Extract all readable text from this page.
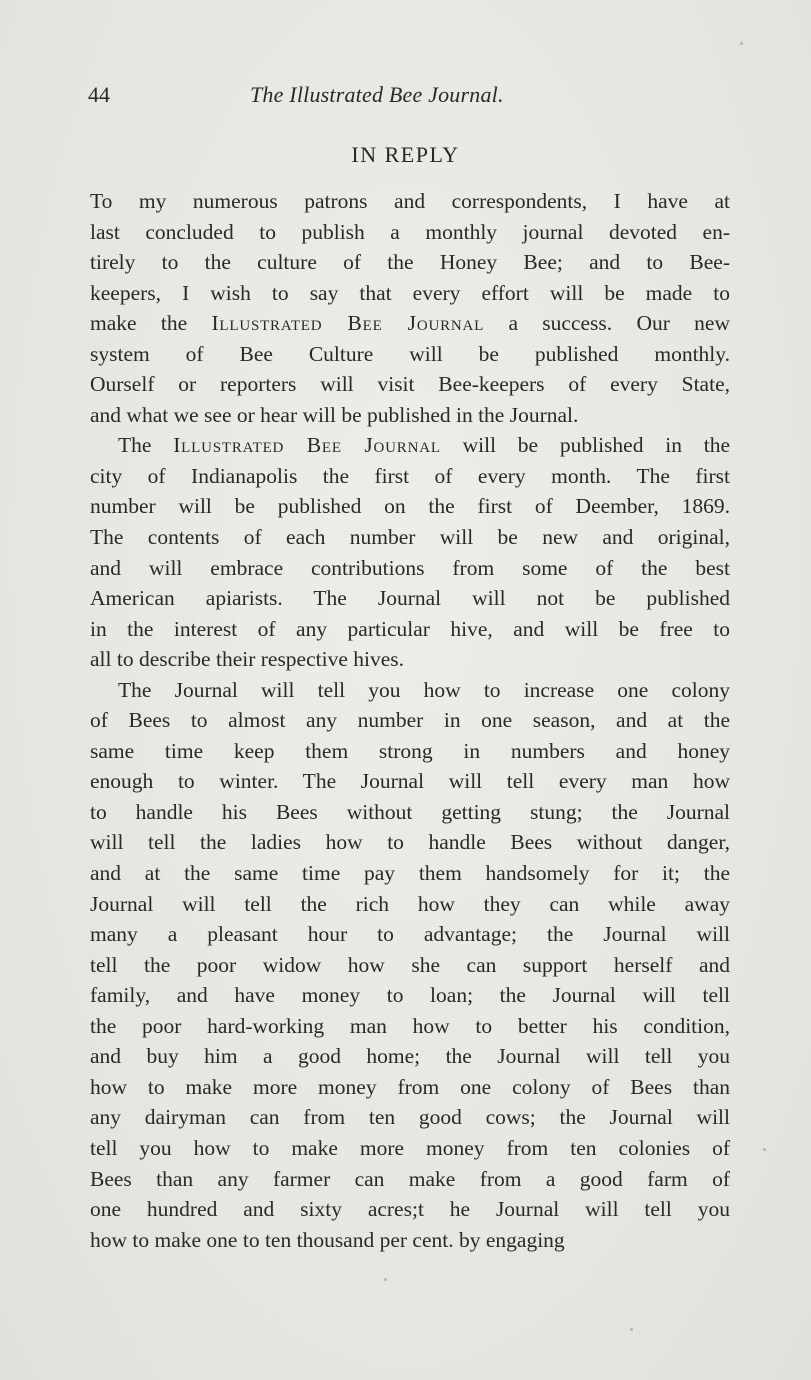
44	The Illustrated Bee Journal.
IN REPLY
To my numerous patrons and correspondents, I have at
last concluded to publish a monthly journal devoted en-
tirely to the culture of the Honey Bee; and to Bee-
keepers, I wish to say that every effort will be made to
make the Illustrated Bee Journal a success. Our new
system of Bee Culture will be published monthly.
Ourself or reporters will visit Bee-keepers of every State,
and what we see or hear will be published in the Journal.
The Illustrated Bee Journal will be published in the
city of Indianapolis the first of every month. The first
number will be published on the first of Deember, 1869.
The contents of each number will be new and original,
and will embrace contributions from some of the best
American apiarists. The Journal will not be published
in the interest of any particular hive, and will be free to
all to describe their respective hives.
The Journal will tell you how to increase one colony
of Bees to almost any number in one season, and at the
same time keep them strong in numbers and honey
enough to winter. The Journal will tell every man how
to handle his Bees without getting stung; the Journal
will tell the ladies how to handle Bees without danger,
and at the same time pay them handsomely for it; the
Journal will tell the rich how they can while away
many a pleasant hour to advantage; the Journal will
tell the poor widow how she can support herself and
family, and have money to loan; the Journal will tell
the poor hard-working man how to better his condition,
and buy him a good home; the Journal will tell you
how to make more money from one colony of Bees than
any dairyman can from ten good cows; the Journal will
tell you how to make more money from ten colonies of
Bees than any farmer can make from a good farm of
one hundred and sixty acres;t he Journal will tell you
how to make one to ten thousand per cent. by engaging
